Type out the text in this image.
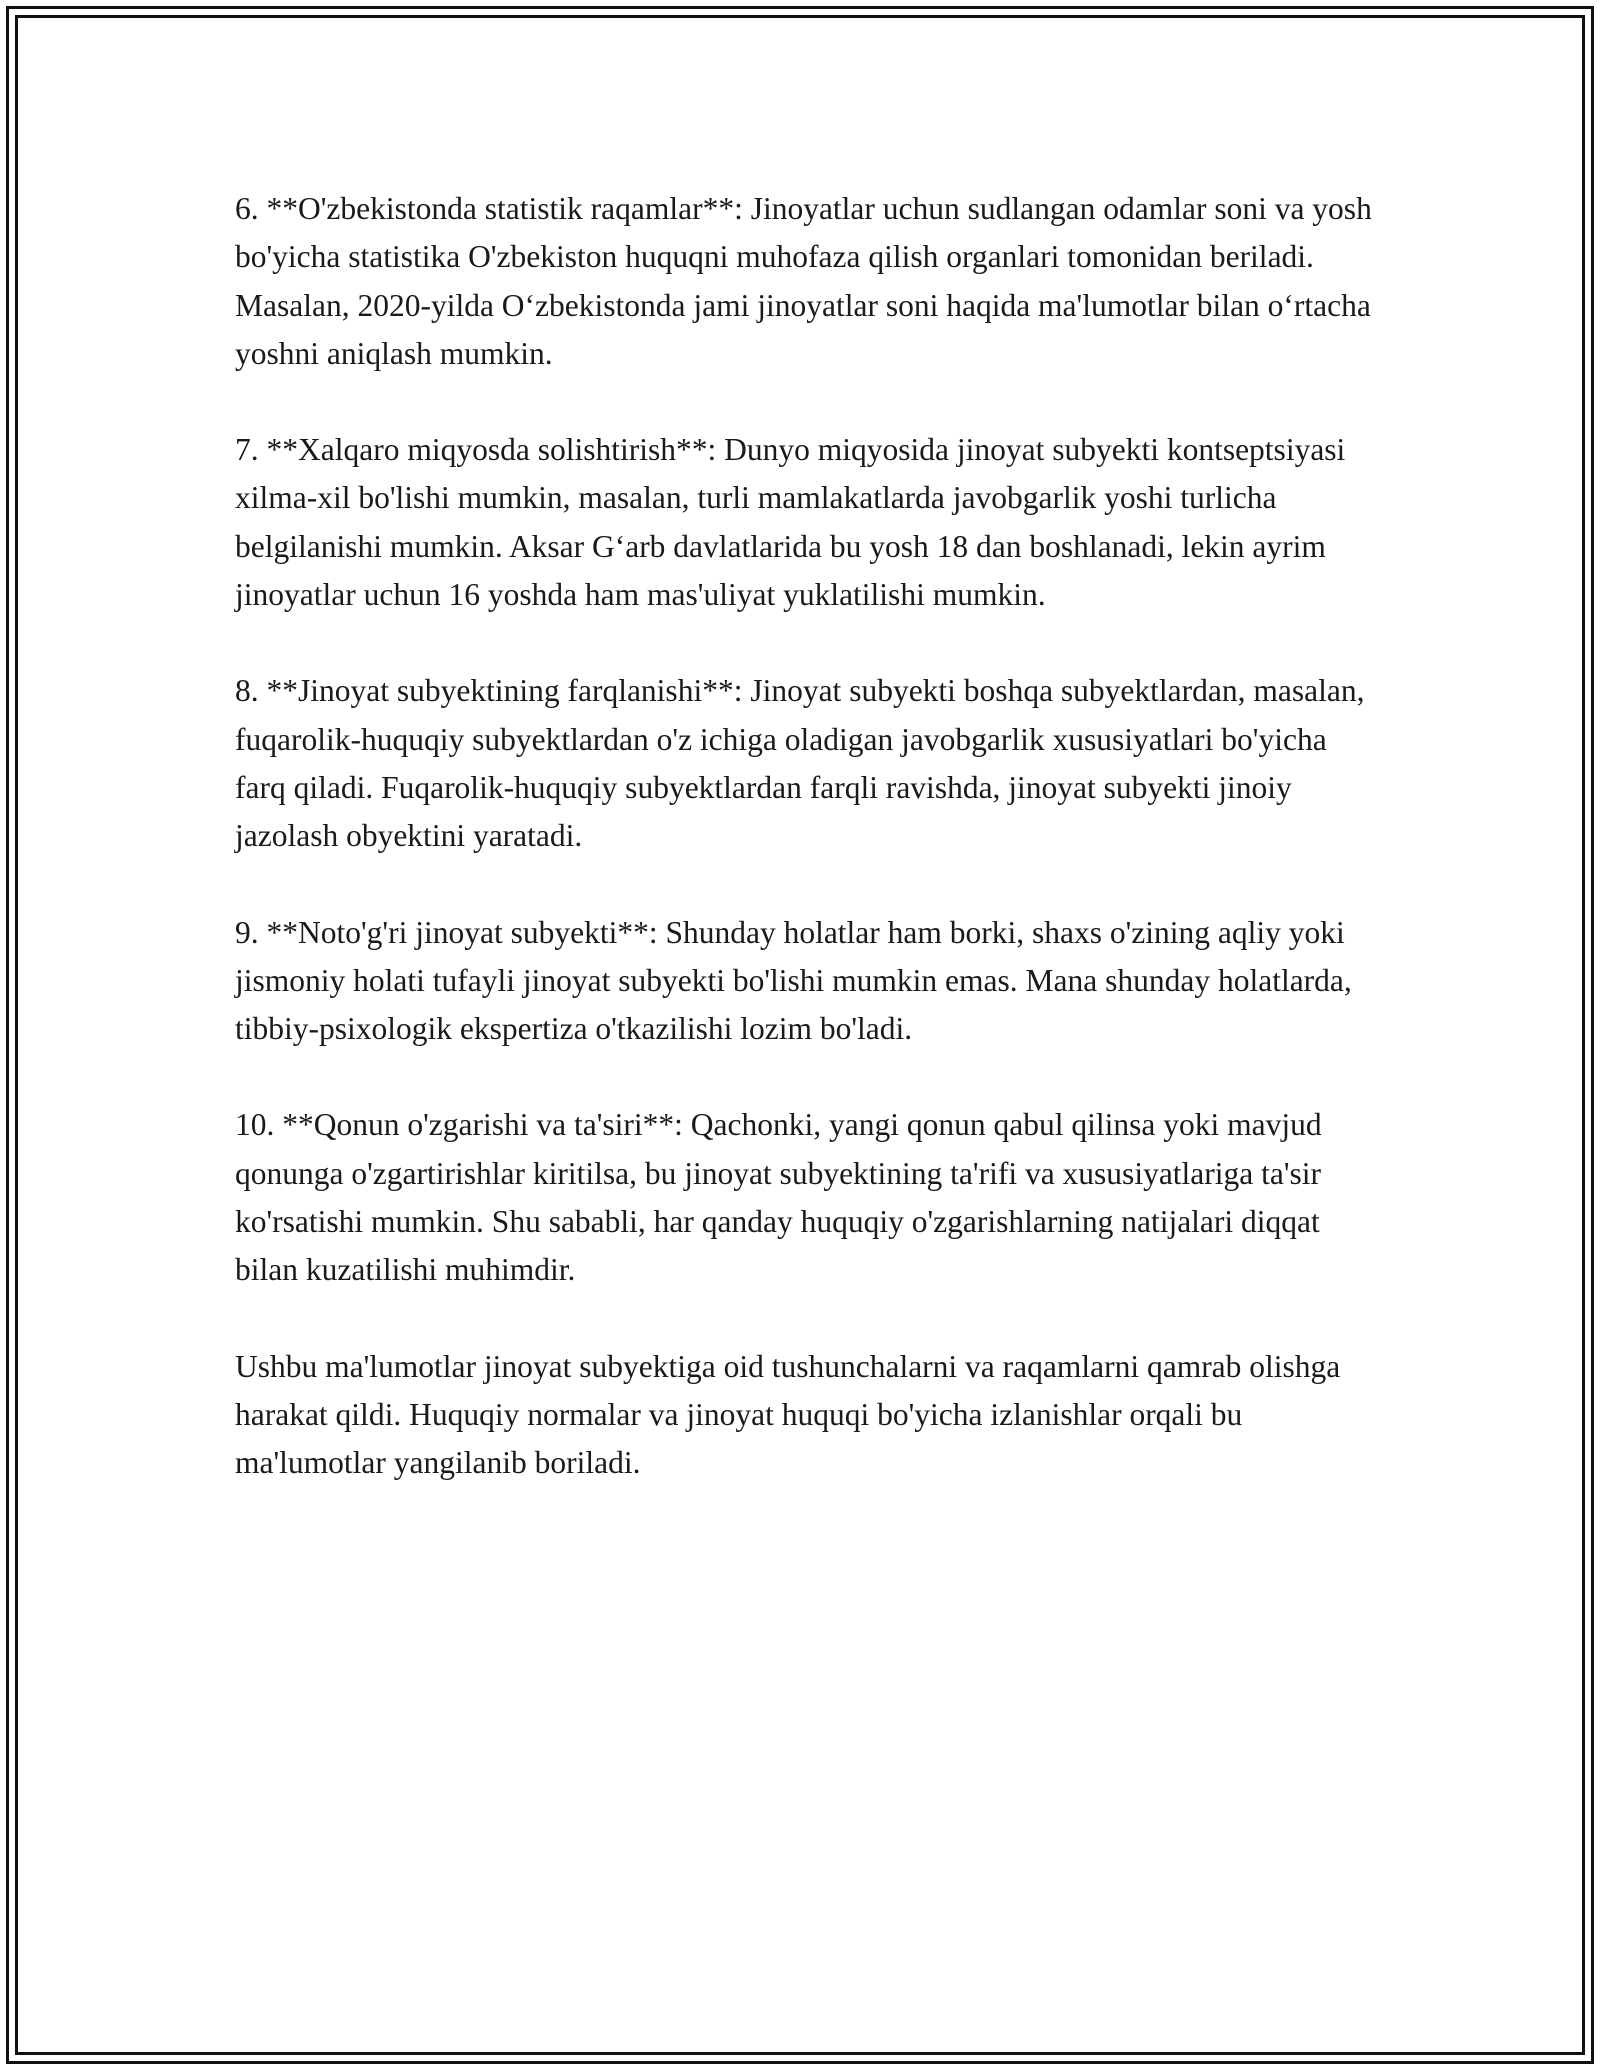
6. **O'zbekistonda statistik raqamlar**: Jinoyatlar uchun sudlangan odamlar soni va yosh bo'yicha statistika O'zbekiston huquqni muhofaza qilish organlari tomonidan beriladi. Masalan, 2020-yilda O‘zbekistonda jami jinoyatlar soni haqida ma'lumotlar bilan o‘rtacha yoshni aniqlash mumkin.

7. **Xalqaro miqyosda solishtirish**: Dunyo miqyosida jinoyat subyekti kontseptsiyasi xilma-xil bo'lishi mumkin, masalan, turli mamlakatlarda javobgarlik yoshi turlicha belgilanishi mumkin. Aksar G‘arb davlatlarida bu yosh 18 dan boshlanadi, lekin ayrim jinoyatlar uchun 16 yoshda ham mas'uliyat yuklatilishi mumkin.

8. **Jinoyat subyektining farqlanishi**: Jinoyat subyekti boshqa subyektlardan, masalan, fuqarolik-huquqiy subyektlardan o'z ichiga oladigan javobgarlik xususiyatlari bo'yicha farq qiladi. Fuqarolik-huquqiy subyektlardan farqli ravishda, jinoyat subyekti jinoiy jazolash obyektini yaratadi.

9. **Noto'g'ri jinoyat subyekti**: Shunday holatlar ham borki, shaxs o'zining aqliy yoki jismoniy holati tufayli jinoyat subyekti bo'lishi mumkin emas. Mana shunday holatlarda, tibbiy-psixologik ekspertiza o'tkazilishi lozim bo'ladi.

10. **Qonun o'zgarishi va ta'siri**: Qachonki, yangi qonun qabul qilinsa yoki mavjud qonunga o'zgartirishlar kiritilsa, bu jinoyat subyektining ta'rifi va xususiyatlariga ta'sir ko'rsatishi mumkin. Shu sababli, har qanday huquqiy o'zgarishlarning natijalari diqqat bilan kuzatilishi muhimdir.

Ushbu ma'lumotlar jinoyat subyektiga oid tushunchalarni va raqamlarni qamrab olishga harakat qildi. Huquqiy normalar va jinoyat huquqi bo'yicha izlanishlar orqali bu ma'lumotlar yangilanib boriladi.
